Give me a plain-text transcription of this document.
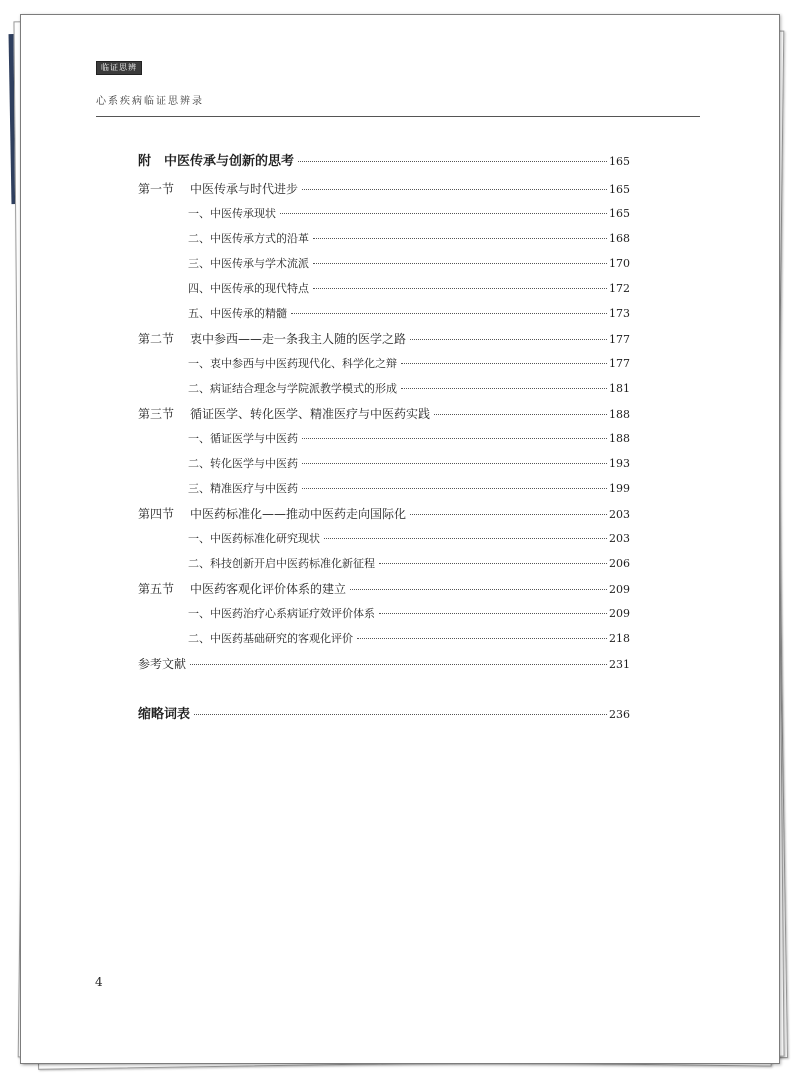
临证思辨
心系疾病临证思辨录
附 中医传承与创新的思考	165
第一节	中医传承与时代进步	165
一、中医传承现状	165
二、中医传承方式的沿革	168
三、中医传承与学术流派	170
四、中医传承的现代特点	172
五、中医传承的精髓	173
第二节	衷中参西——走一条我主人随的医学之路	177
一、衷中参西与中医药现代化、科学化之辩	177
二、病证结合理念与学院派教学模式的形成	181
第三节	循证医学、转化医学、精准医疗与中医药实践	188
一、循证医学与中医药	188
二、转化医学与中医药	193
三、精准医疗与中医药	199
第四节	中医药标准化——推动中医药走向国际化	203
一、中医药标准化研究现状	203
二、科技创新开启中医药标准化新征程	206
第五节	中医药客观化评价体系的建立	209
一、中医药治疗心系病证疗效评价体系	209
二、中医药基础研究的客观化评价	218
参考文献	231
缩略词表	236
4
